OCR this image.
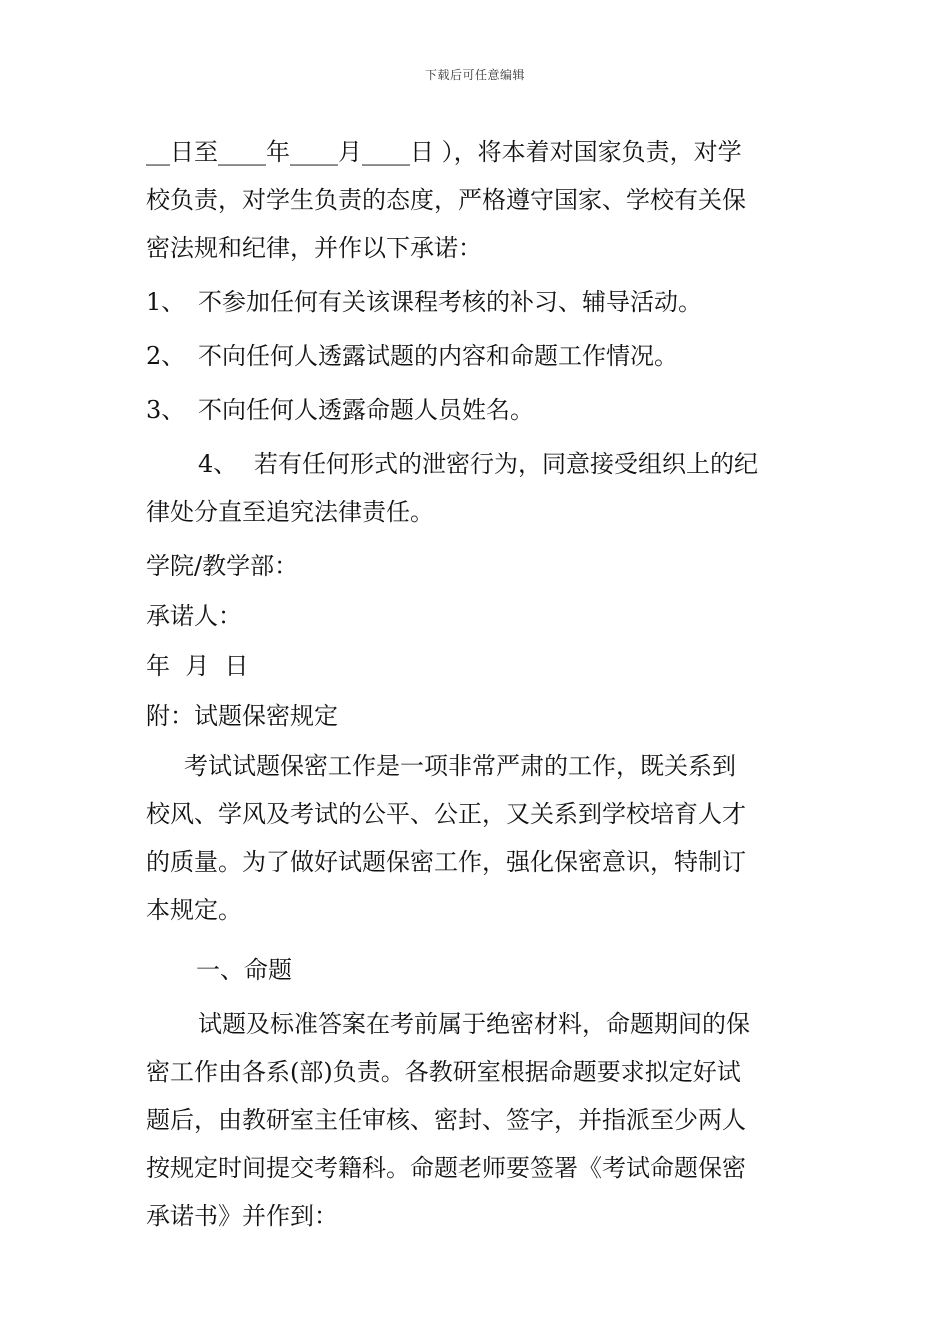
下载后可任意编辑

__日至____年____月____日 ），将本着对国家负责，对学

校负责，对学生负责的态度，严格遵守国家、学校有关保

密法规和纪律，并作以下承诺：

1、 不参加任何有关该课程考核的补习、辅导活动。

2、 不向任何人透露试题的内容和命题工作情况。

3、 不向任何人透露命题人员姓名。

4、 若有任何形式的泄密行为，同意接受组织上的纪

律处分直至追究法律责任。

学院/教学部：

承诺人：

年  月  日

附：试题保密规定

考试试题保密工作是一项非常严肃的工作，既关系到

校风、学风及考试的公平、公正，又关系到学校培育人才

的质量。为了做好试题保密工作，强化保密意识，特制订

本规定。

一、命题

试题及标准答案在考前属于绝密材料，命题期间的保

密工作由各系(部)负责。各教研室根据命题要求拟定好试

题后，由教研室主任审核、密封、签字，并指派至少两人

按规定时间提交考籍科。命题老师要签署《考试命题保密

承诺书》并作到：
